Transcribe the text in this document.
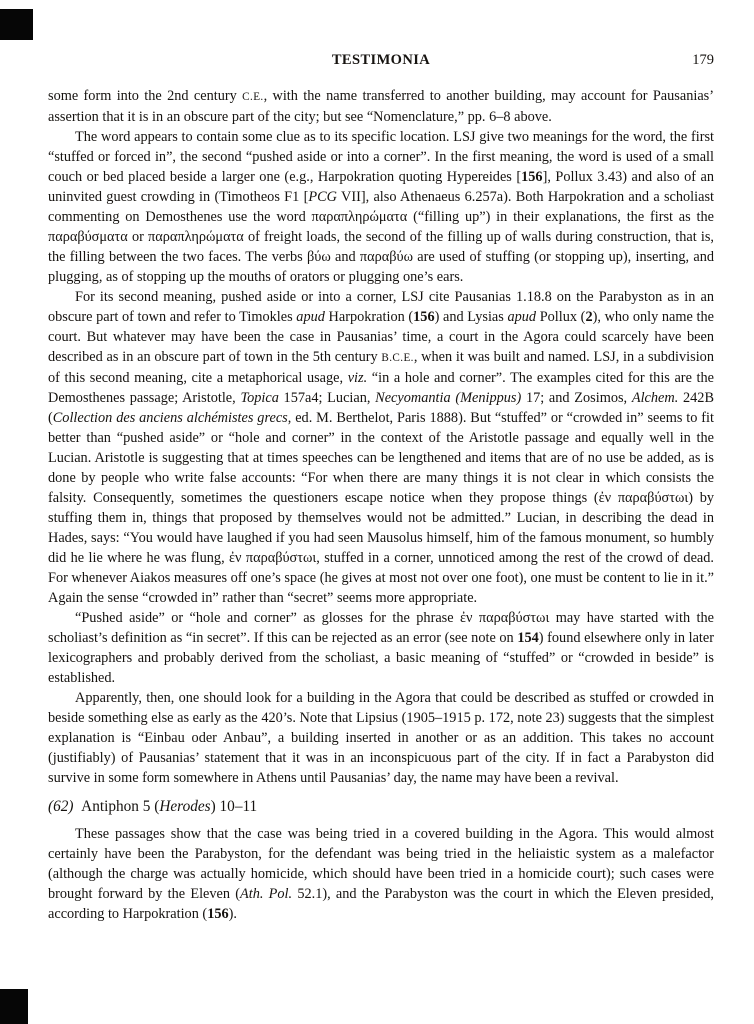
TESTIMONIA	179

some form into the 2nd century C.E., with the name transferred to another building, may account for Pausanias’ assertion that it is in an obscure part of the city; but see “Nomenclature,” pp. 6–8 above.

The word appears to contain some clue as to its specific location. LSJ give two meanings for the word, the first “stuffed or forced in”, the second “pushed aside or into a corner”. In the first meaning, the word is used of a small couch or bed placed beside a larger one (e.g., Harpokration quoting Hypereides [156], Pollux 3.43) and also of an uninvited guest crowding in (Timotheos F1 [PCG VII], also Athenaeus 6.257a). Both Harpokration and a scholiast commenting on Demosthenes use the word παραπληρώματα (“filling up”) in their explanations, the first as the παραβύσματα or παραπληρώματα of freight loads, the second of the filling up of walls during construction, that is, the filling between the two faces. The verbs βύω and παραβύω are used of stuffing (or stopping up), inserting, and plugging, as of stopping up the mouths of orators or plugging one’s ears.

For its second meaning, pushed aside or into a corner, LSJ cite Pausanias 1.18.8 on the Parabyston as in an obscure part of town and refer to Timokles apud Harpokration (156) and Lysias apud Pollux (2), who only name the court. But whatever may have been the case in Pausanias’ time, a court in the Agora could scarcely have been described as in an obscure part of town in the 5th century B.C.E., when it was built and named. LSJ, in a subdivision of this second meaning, cite a metaphorical usage, viz. “in a hole and corner”. The examples cited for this are the Demosthenes passage; Aristotle, Topica 157a4; Lucian, Necyomantia (Menippus) 17; and Zosimos, Alchem. 242B (Collection des anciens alchémistes grecs, ed. M. Berthelot, Paris 1888). But “stuffed” or “crowded in” seems to fit better than “pushed aside” or “hole and corner” in the context of the Aristotle passage and equally well in the Lucian. Aristotle is suggesting that at times speeches can be lengthened and items that are of no use be added, as is done by people who write false accounts: “For when there are many things it is not clear in which consists the falsity. Consequently, sometimes the questioners escape notice when they propose things (ἐν παραβύστωι) by stuffing them in, things that proposed by themselves would not be admitted.” Lucian, in describing the dead in Hades, says: “You would have laughed if you had seen Mausolus himself, him of the famous monument, so humbly did he lie where he was flung, ἐν παραβύστωι, stuffed in a corner, unnoticed among the rest of the crowd of dead. For whenever Aiakos measures off one’s space (he gives at most not over one foot), one must be content to lie in it.” Again the sense “crowded in” rather than “secret” seems more appropriate.

“Pushed aside” or “hole and corner” as glosses for the phrase ἐν παραβύστωι may have started with the scholiast’s definition as “in secret”. If this can be rejected as an error (see note on 154) found elsewhere only in later lexicographers and probably derived from the scholiast, a basic meaning of “stuffed” or “crowded in beside” is established.

Apparently, then, one should look for a building in the Agora that could be described as stuffed or crowded in beside something else as early as the 420’s. Note that Lipsius (1905–1915 p. 172, note 23) suggests that the simplest explanation is “Einbau oder Anbau”, a building inserted in another or as an addition. This takes no account (justifiably) of Pausanias’ statement that it was in an inconspicuous part of the city. If in fact a Parabyston did survive in some form somewhere in Athens until Pausanias’ day, the name may have been a revival.

(62) Antiphon 5 (Herodes) 10–11

These passages show that the case was being tried in a covered building in the Agora. This would almost certainly have been the Parabyston, for the defendant was being tried in the heliaistic system as a malefactor (although the charge was actually homicide, which should have been tried in a homicide court); such cases were brought forward by the Eleven (Ath. Pol. 52.1), and the Parabyston was the court in which the Eleven presided, according to Harpokration (156).
